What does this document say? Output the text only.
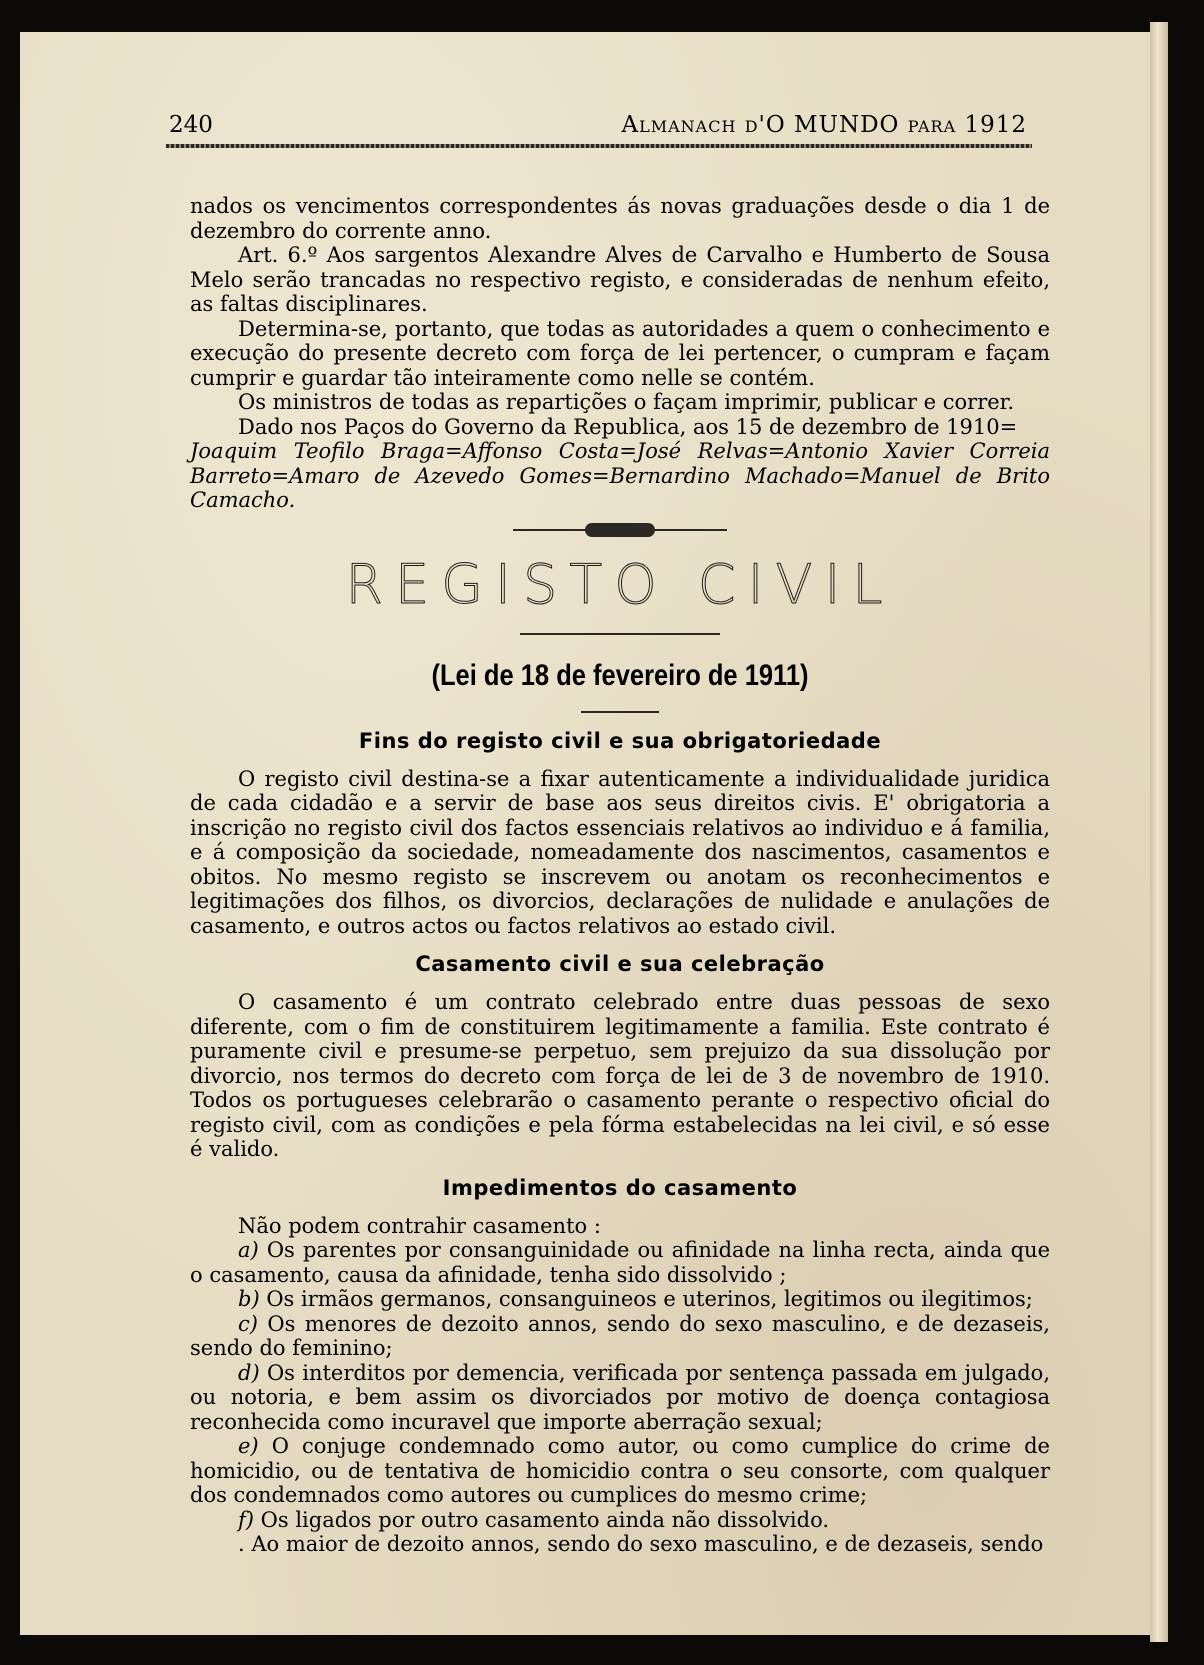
240	Almanach d'O MUNDO para 1912

nados os vencimentos correspondentes ás novas graduações desde o dia 1 de dezembro do corrente anno.

Art. 6.º Aos sargentos Alexandre Alves de Carvalho e Humberto de Sousa Melo serão trancadas no respectivo registo, e consideradas de nenhum efeito, as faltas disciplinares.

Determina-se, portanto, que todas as autoridades a quem o conhecimento e execução do presente decreto com força de lei pertencer, o cumpram e façam cumprir e guardar tão inteiramente como nelle se contém.

Os ministros de todas as repartições o façam imprimir, publicar e correr.

Dado nos Paços do Governo da Republica, aos 15 de dezembro de 1910=

Joaquim Teofilo Braga=Affonso Costa=José Relvas=Antonio Xavier Correia Barreto=Amaro de Azevedo Gomes=Bernardino Machado=Manuel de Brito Camacho.

REGISTO CIVIL
(Lei de 18 de fevereiro de 1911)
Fins do registo civil e sua obrigatoriedade

O registo civil destina-se a fixar autenticamente a individualidade juridica de cada cidadão e a servir de base aos seus direitos civis. E' obrigatoria a inscrição no registo civil dos factos essenciais relativos ao individuo e á familia, e á composição da sociedade, nomeadamente dos nascimentos, casamentos e obitos. No mesmo registo se inscrevem ou anotam os reconhecimentos e legitimações dos filhos, os divorcios, declarações de nulidade e anulações de casamento, e outros actos ou factos relativos ao estado civil.

Casamento civil e sua celebração

O casamento é um contrato celebrado entre duas pessoas de sexo diferente, com o fim de constituirem legitimamente a familia. Este contrato é puramente civil e presume-se perpetuo, sem prejuizo da sua dissolução por divorcio, nos termos do decreto com força de lei de 3 de novembro de 1910. Todos os portugueses celebrarão o casamento perante o respectivo oficial do registo civil, com as condições e pela fórma estabelecidas na lei civil, e só esse é valido.

Impedimentos do casamento

Não podem contrahir casamento :

a) Os parentes por consanguinidade ou afinidade na linha recta, ainda que o casamento, causa da afinidade, tenha sido dissolvido ;

b) Os irmãos germanos, consanguineos e uterinos, legitimos ou ilegitimos;

c) Os menores de dezoito annos, sendo do sexo masculino, e de dezaseis, sendo do feminino;

d) Os interditos por demencia, verificada por sentença passada em julgado, ou notoria, e bem assim os divorciados por motivo de doença contagiosa reconhecida como incuravel que importe aberração sexual;

e) O conjuge condemnado como autor, ou como cumplice do crime de homicidio, ou de tentativa de homicidio contra o seu consorte, com qualquer dos condemnados como autores ou cumplices do mesmo crime;

f) Os ligados por outro casamento ainda não dissolvido.

. Ao maior de dezoito annos, sendo do sexo masculino, e de dezaseis, sendo
